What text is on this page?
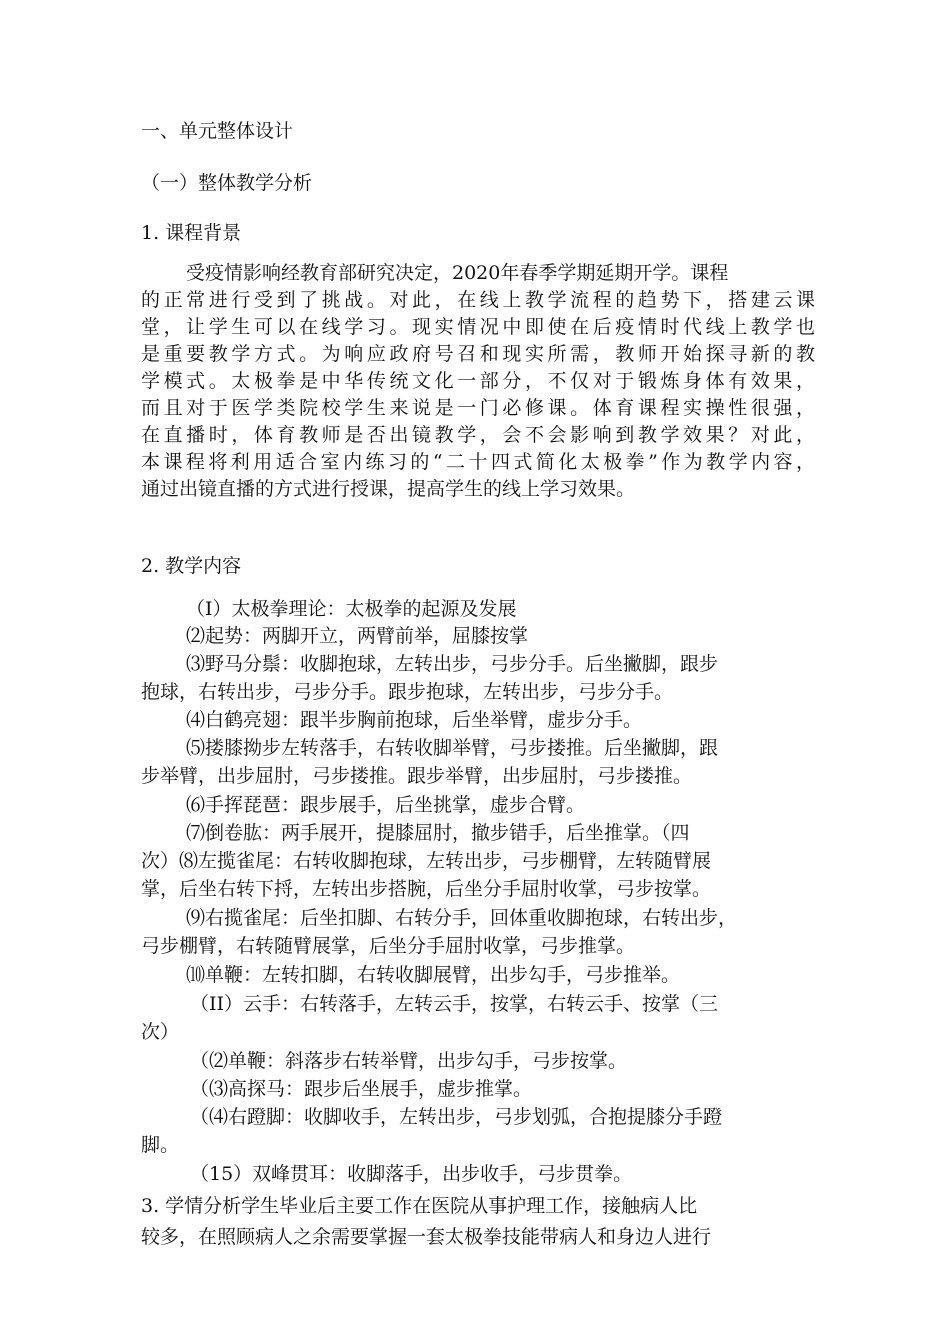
一、单元整体设计
（一）整体教学分析
1. 课程背景
受疫情影响经教育部研究决定，2020年春季学期延期开学。课程
的正常进行受到了挑战。对此，在线上教学流程的趋势下，搭建云课
堂，让学生可以在线学习。现实情况中即使在后疫情时代线上教学也
是重要教学方式。为响应政府号召和现实所需，教师开始探寻新的教
学模式。太极拳是中华传统文化一部分，不仅对于锻炼身体有效果，
而且对于医学类院校学生来说是一门必修课。体育课程实操性很强，
在直播时，体育教师是否出镜教学，会不会影响到教学效果？对此，
本课程将利用适合室内练习的“二十四式简化太极拳”作为教学内容，
通过出镜直播的方式进行授课，提高学生的线上学习效果。
2. 教学内容
（I）太极拳理论：太极拳的起源及发展
⑵起势：两脚开立，两臂前举，屈膝按掌
⑶野马分鬃：收脚抱球，左转出步，弓步分手。后坐撇脚，跟步
抱球，右转出步，弓步分手。跟步抱球，左转出步，弓步分手。
⑷白鹤亮翅：跟半步胸前抱球，后坐举臂，虚步分手。
⑸搂膝拗步左转落手，右转收脚举臂，弓步搂推。后坐撇脚，跟
步举臂，出步屈肘，弓步搂推。跟步举臂，出步屈肘，弓步搂推。
⑹手挥琵琶：跟步展手，后坐挑掌，虚步合臂。
⑺倒卷肱：两手展开，提膝屈肘，撤步错手，后坐推掌。（四
次）⑻左揽雀尾：右转收脚抱球，左转出步，弓步棚臂，左转随臂展
掌，后坐右转下捋，左转出步搭腕，后坐分手屈肘收掌，弓步按掌。
⑼右揽雀尾：后坐扣脚、右转分手，回体重收脚抱球，右转出步，
弓步棚臂，右转随臂展掌，后坐分手屈肘收掌，弓步推掌。
⑽单鞭：左转扣脚，右转收脚展臂，出步勾手，弓步推举。
（II）云手：右转落手，左转云手，按掌，右转云手、按掌（三
次）
（⑵单鞭：斜落步右转举臂，出步勾手，弓步按掌。
（⑶高探马：跟步后坐展手，虚步推掌。
（⑷右蹬脚：收脚收手，左转出步，弓步划弧，合抱提膝分手蹬
脚。
（15）双峰贯耳：收脚落手，出步收手，弓步贯拳。
3. 学情分析学生毕业后主要工作在医院从事护理工作，接触病人比
较多，在照顾病人之余需要掌握一套太极拳技能带病人和身边人进行
